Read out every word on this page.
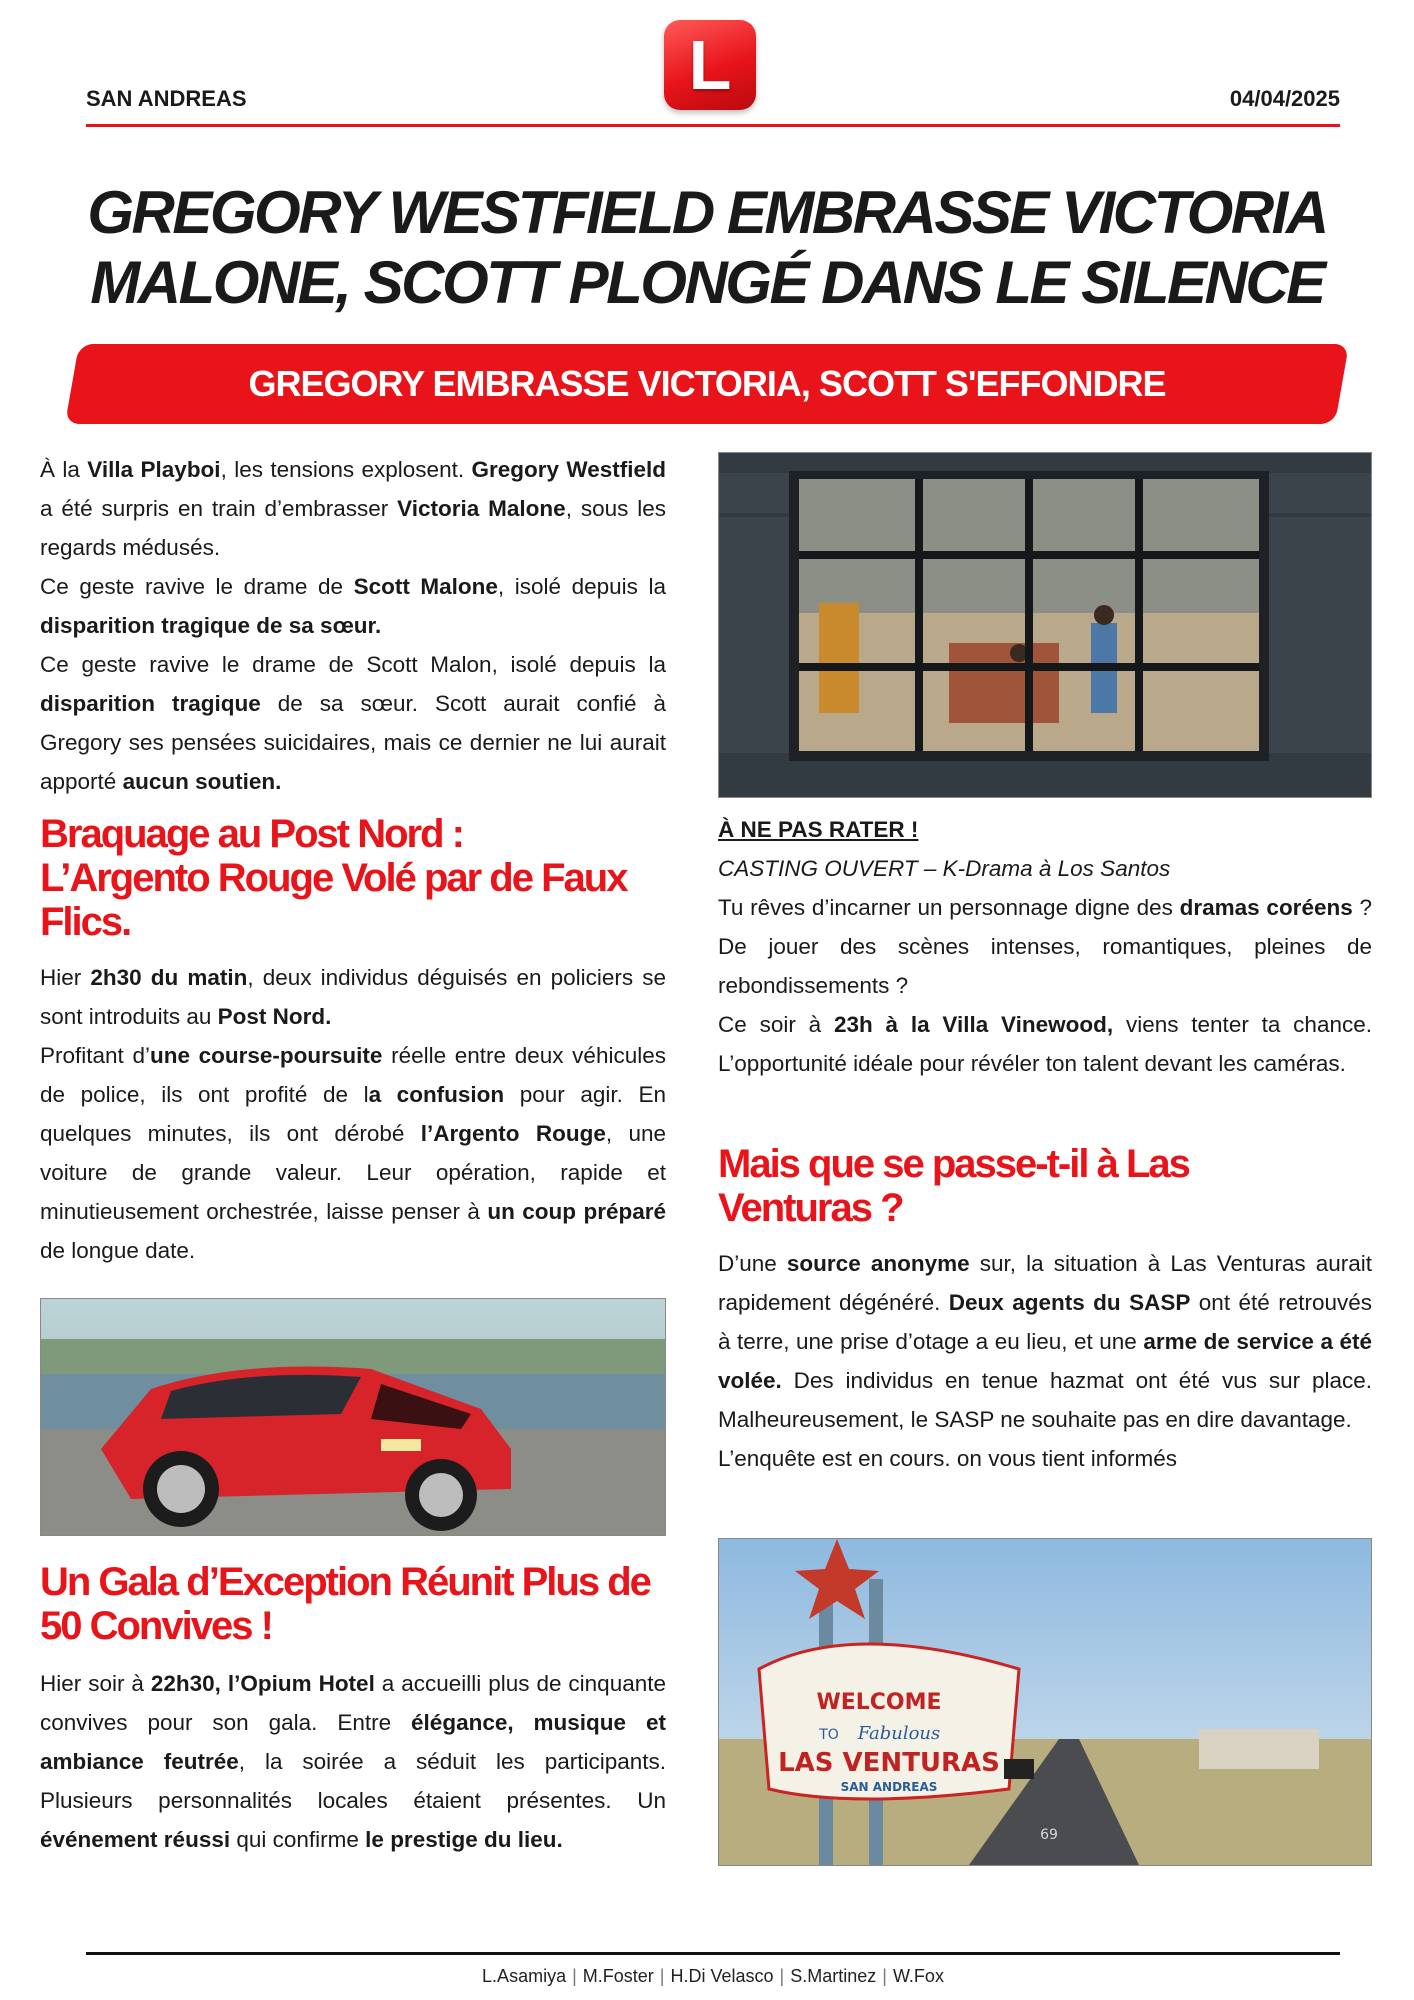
L
SAN ANDREAS	04/04/2025
GREGORY WESTFIELD EMBRASSE VICTORIA
MALONE, SCOTT PLONGÉ DANS LE SILENCE
GREGORY EMBRASSE VICTORIA, SCOTT S'EFFONDRE

À la Villa Playboi, les tensions explosent. Gregory Westfield a été surpris en train d’embrasser Victoria Malone, sous les regards médusés.

Ce geste ravive le drame de Scott Malone, isolé depuis la disparition tragique de sa sœur.

Ce geste ravive le drame de Scott Malon, isolé depuis la disparition tragique de sa sœur. Scott aurait confié à Gregory ses pensées suicidaires, mais ce dernier ne lui aurait apporté aucun soutien.

Braquage au Post Nord : L’Argento Rouge Volé par de Faux Flics.

Hier 2h30 du matin, deux individus déguisés en policiers se sont introduits au Post Nord.

Profitant d’une course-poursuite réelle entre deux véhicules de police, ils ont profité de la confusion pour agir. En quelques minutes, ils ont dérobé l’Argento Rouge, une voiture de grande valeur. Leur opération, rapide et minutieusement orchestrée, laisse penser à un coup préparé de longue date.

Un Gala d’Exception Réunit Plus de 50 Convives !

Hier soir à 22h30, l’Opium Hotel a accueilli plus de cinquante convives pour son gala. Entre élégance, musique et ambiance feutrée, la soirée a séduit les participants. Plusieurs personnalités locales étaient présentes. Un événement réussi qui confirme le prestige du lieu.

À NE PAS RATER !

CASTING OUVERT – K-Drama à Los Santos

Tu rêves d’incarner un personnage digne des dramas coréens ? De jouer des scènes intenses, romantiques, pleines de rebondissements ?

Ce soir à 23h à la Villa Vinewood, viens tenter ta chance. L’opportunité idéale pour révéler ton talent devant les caméras.

Mais que se passe-t-il à Las Venturas ?

D’une source anonyme sur, la situation à Las Venturas aurait rapidement dégénéré. Deux agents du SASP ont été retrouvés à terre, une prise d’otage a eu lieu, et une arme de service a été volée. Des individus en tenue hazmat ont été vus sur place. Malheureusement, le SASP ne souhaite pas en dire davantage.

L’enquête est en cours. on vous tient informés

WELCOME
TO Fabulous
LAS VENTURAS
SAN ANDREAS
69
L.Asamiya | M.Foster | H.Di Velasco | S.Martinez | W.Fox
